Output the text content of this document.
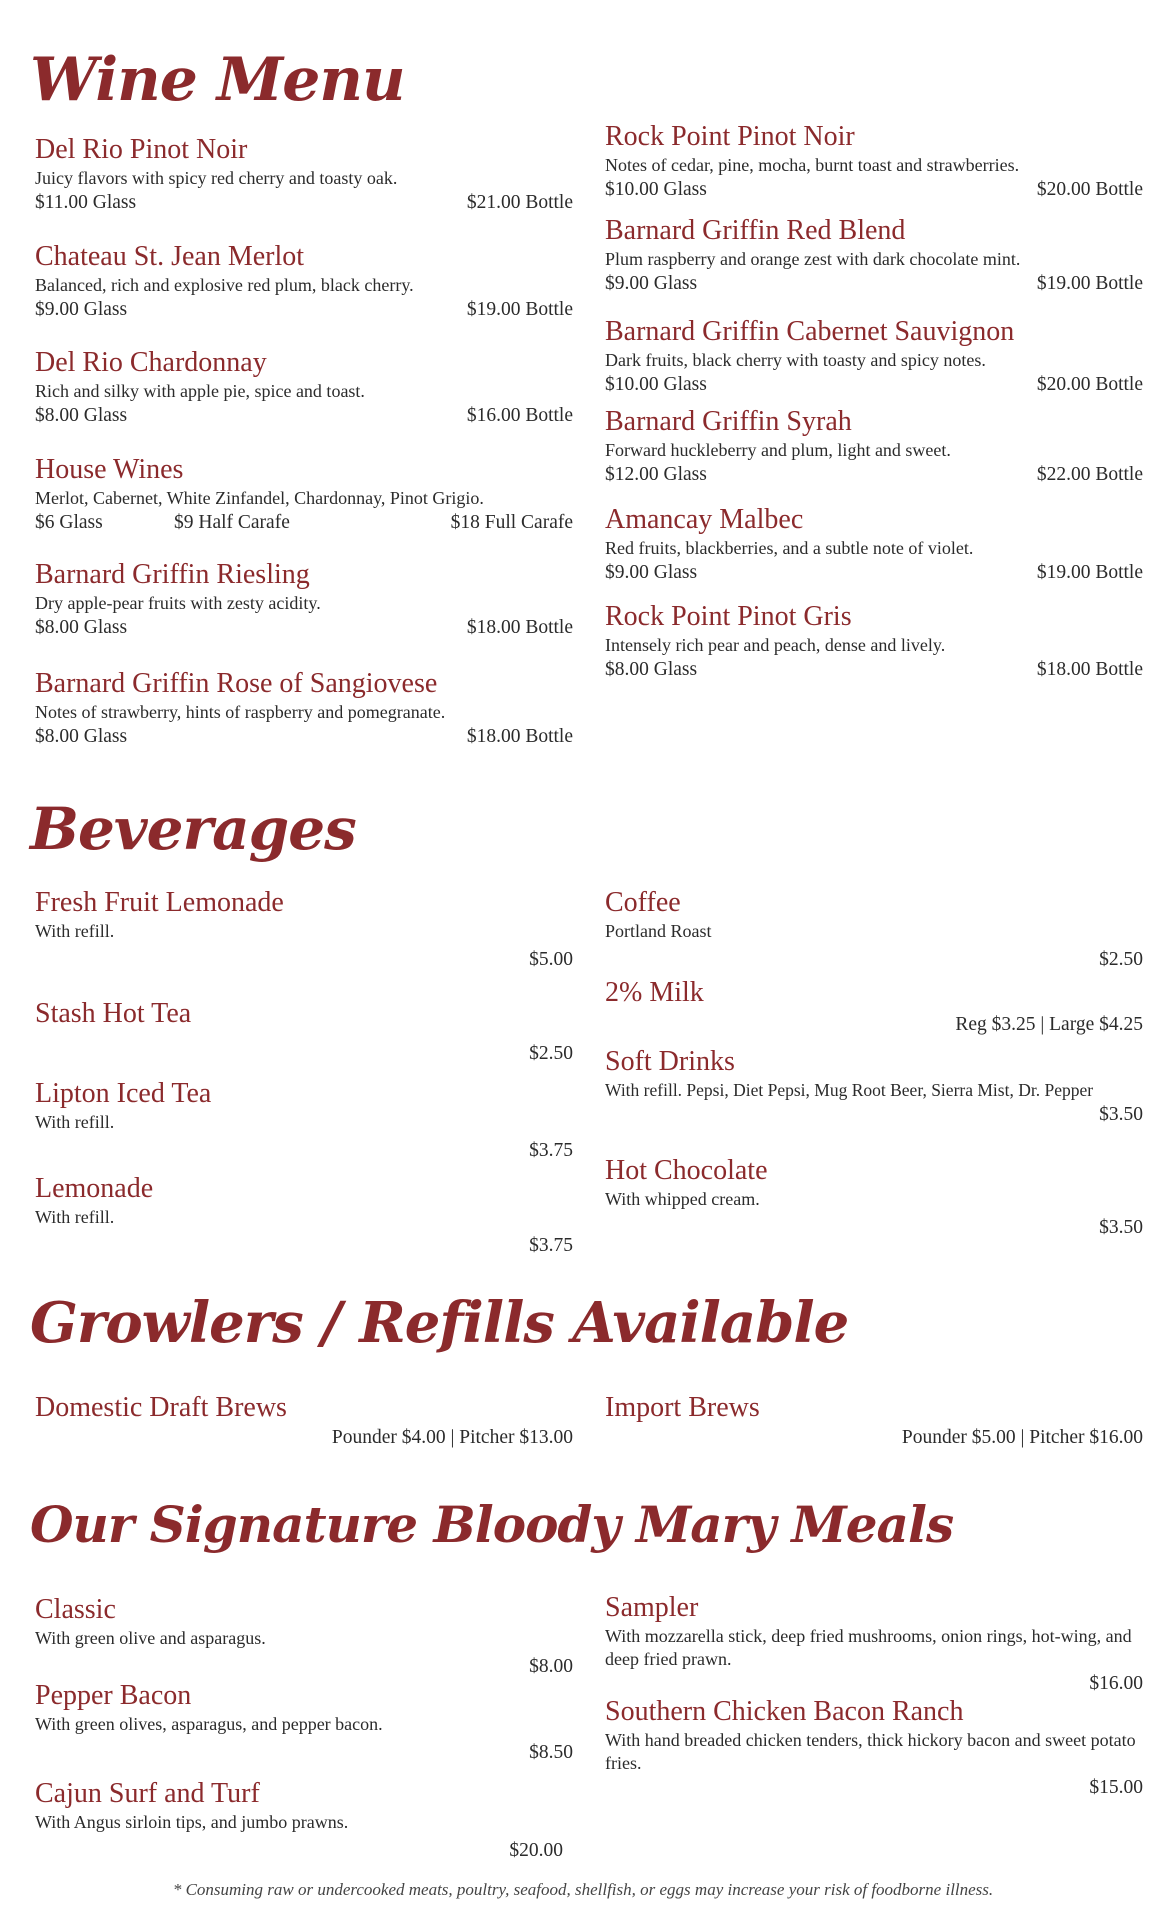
Wine Menu
Del Rio Pinot Noir
Juicy flavors with spicy red cherry and toasty oak.
$11.00 Glass	$21.00 Bottle
Chateau St. Jean Merlot
Balanced, rich and explosive red plum, black cherry.
$9.00 Glass	$19.00 Bottle
Del Rio Chardonnay
Rich and silky with apple pie, spice and toast.
$8.00 Glass	$16.00 Bottle
House Wines
Merlot, Cabernet, White Zinfandel, Chardonnay, Pinot Grigio.
$6 Glass	$9 Half Carafe	$18 Full Carafe
Barnard Griffin Riesling
Dry apple-pear fruits with zesty acidity.
$8.00 Glass	$18.00 Bottle
Barnard Griffin Rose of Sangiovese
Notes of strawberry, hints of raspberry and pomegranate.
$8.00 Glass	$18.00 Bottle
Rock Point Pinot Noir
Notes of cedar, pine, mocha, burnt toast and strawberries.
$10.00 Glass	$20.00 Bottle
Barnard Griffin Red Blend
Plum raspberry and orange zest with dark chocolate mint.
$9.00 Glass	$19.00 Bottle
Barnard Griffin Cabernet Sauvignon
Dark fruits, black cherry with toasty and spicy notes.
$10.00 Glass	$20.00 Bottle
Barnard Griffin Syrah
Forward huckleberry and plum, light and sweet.
$12.00 Glass	$22.00 Bottle
Amancay Malbec
Red fruits, blackberries, and a subtle note of violet.
$9.00 Glass	$19.00 Bottle
Rock Point Pinot Gris
Intensely rich pear and peach, dense and lively.
$8.00 Glass	$18.00 Bottle
Beverages
Fresh Fruit Lemonade
With refill.
$5.00
Stash Hot Tea
$2.50
Lipton Iced Tea
With refill.
$3.75
Lemonade
With refill.
$3.75
Coffee
Portland Roast
$2.50
2% Milk
Reg $3.25 | Large $4.25
Soft Drinks
With refill. Pepsi, Diet Pepsi, Mug Root Beer, Sierra Mist, Dr. Pepper
$3.50
Hot Chocolate
With whipped cream.
$3.50
Growlers / Refills Available
Domestic Draft Brews
Pounder $4.00 | Pitcher $13.00
Import Brews
Pounder $5.00 | Pitcher $16.00
Our Signature Bloody Mary Meals
Classic
With green olive and asparagus.
$8.00
Pepper Bacon
With green olives, asparagus, and pepper bacon.
$8.50
Cajun Surf and Turf
With Angus sirloin tips, and jumbo prawns.
$20.00
Sampler
With mozzarella stick, deep fried mushrooms, onion rings, hot-wing, and deep fried prawn.
$16.00
Southern Chicken Bacon Ranch
With hand breaded chicken tenders, thick hickory bacon and sweet potato fries.
$15.00
* Consuming raw or undercooked meats, poultry, seafood, shellfish, or eggs may increase your risk of foodborne illness.
